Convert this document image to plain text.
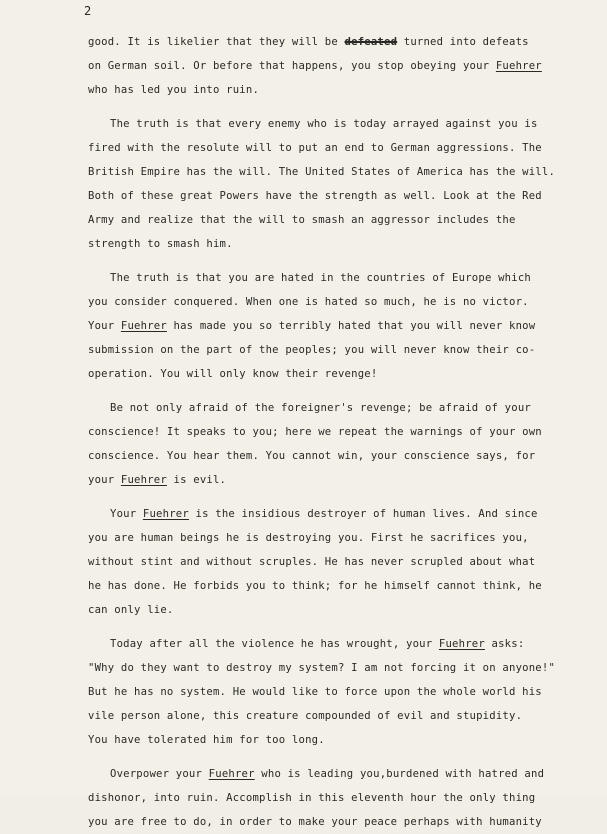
2
good. It is likelier that they will be defeated turned into defeats
on German soil. Or before that happens, you stop obeying your Fuehrer
who has led you into ruin.
The truth is that every enemy who is today arrayed against you is
fired with the resolute will to put an end to German aggressions. The
British Empire has the will. The United States of America has the will.
Both of these great Powers have the strength as well. Look at the Red
Army and realize that the will to smash an aggressor includes the
strength to smash him.
The truth is that you are hated in the countries of Europe which
you consider conquered. When one is hated so much, he is no victor.
Your Fuehrer has made you so terribly hated that you will never know
submission on the part of the peoples; you will never know their co-
operation. You will only know their revenge!
Be not only afraid of the foreigner's revenge; be afraid of your
conscience! It speaks to you; here we repeat the warnings of your own
conscience. You hear them. You cannot win, your conscience says, for
your Fuehrer is evil.
Your Fuehrer is the insidious destroyer of human lives. And since
you are human beings he is destroying you. First he sacrifices you,
without stint and without scruples. He has never scrupled about what
he has done. He forbids you to think; for he himself cannot think, he
can only lie.
Today after all the violence he has wrought, your Fuehrer asks:
"Why do they want to destroy my system? I am not forcing it on anyone!"
But he has no system. He would like to force upon the whole world his
vile person alone, this creature compounded of evil and stupidity.
You have tolerated him for too long.
Overpower your Fuehrer who is leading you,burdened with hatred and
dishonor, into ruin. Accomplish in this eleventh hour the only thing
you are free to do, in order to make your peace perhaps with humanity
